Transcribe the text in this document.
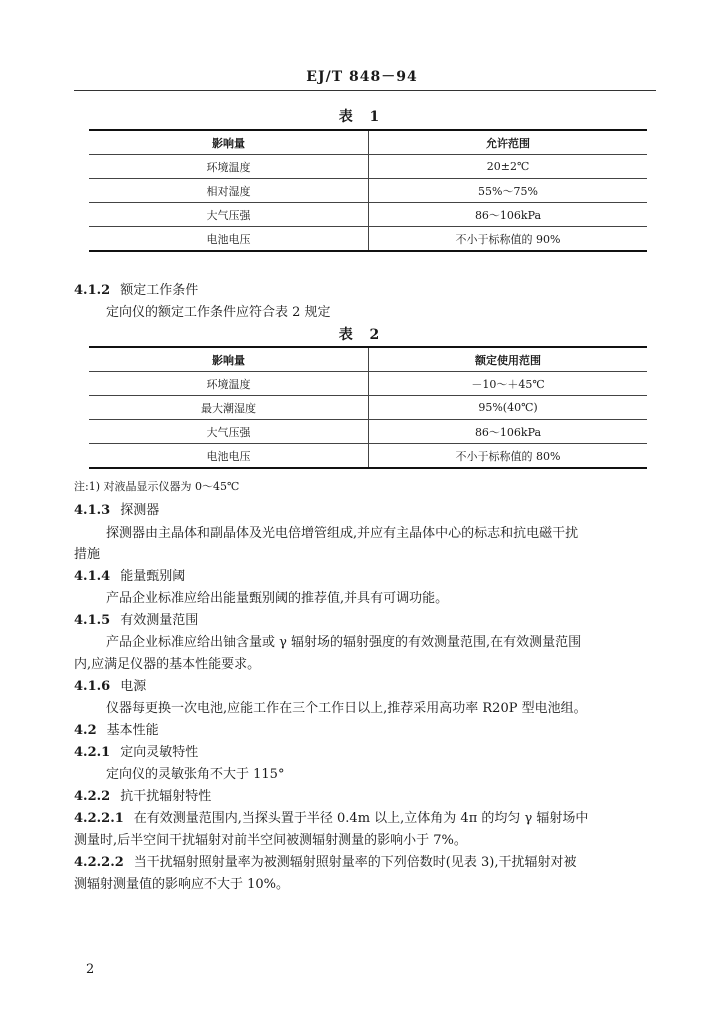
EJ/T 848－94
表 1
影响量	允许范围
环境温度	20±2℃
相对湿度	55%～75%
大气压强	86～106kPa
电池电压	不小于标称值的 90%
4.1.2 额定工作条件
定向仪的额定工作条件应符合表 2 规定
表 2
影响量	额定使用范围
环境温度	－10～＋45℃
最大潮湿度	95%(40℃)
大气压强	86～106kPa
电池电压	不小于标称值的 80%
注:1) 对液晶显示仪器为 0～45℃
4.1.3 探测器
探测器由主晶体和副晶体及光电倍增管组成,并应有主晶体中心的标志和抗电磁干扰
措施
4.1.4 能量甄别阈
产品企业标准应给出能量甄别阈的推荐值,并具有可调功能。
4.1.5 有效测量范围
产品企业标准应给出铀含量或 γ 辐射场的辐射强度的有效测量范围,在有效测量范围
内,应满足仪器的基本性能要求。
4.1.6 电源
仪器每更换一次电池,应能工作在三个工作日以上,推荐采用高功率 R20P 型电池组。
4.2 基本性能
4.2.1 定向灵敏特性
定向仪的灵敏张角不大于 115°
4.2.2 抗干扰辐射特性
4.2.2.1 在有效测量范围内,当探头置于半径 0.4m 以上,立体角为 4π 的均匀 γ 辐射场中
测量时,后半空间干扰辐射对前半空间被测辐射测量的影响小于 7%。
4.2.2.2 当干扰辐射照射量率为被测辐射照射量率的下列倍数时(见表 3),干扰辐射对被
测辐射测量值的影响应不大于 10%。
2
